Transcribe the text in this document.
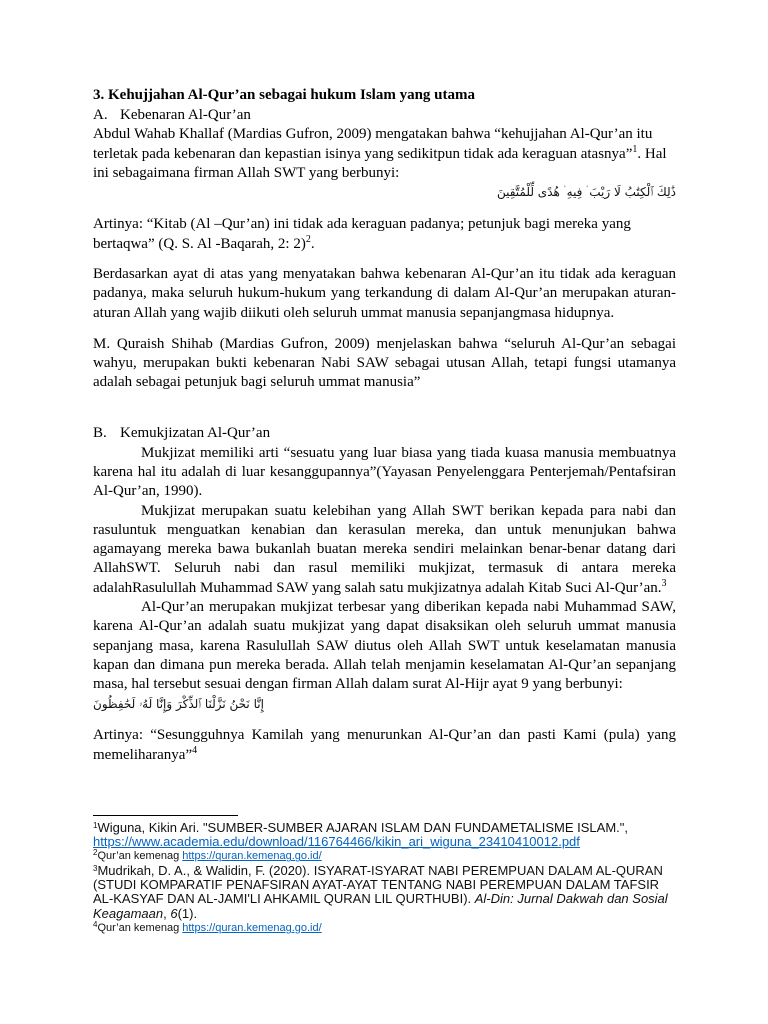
3. Kehujjahan Al-Qur’an sebagai hukum Islam yang utama
A. Kebenaran Al-Qur’an

Abdul Wahab Khallaf (Mardias Gufron, 2009) mengatakan bahwa “kehujjahan Al-Qur’an itu terletak pada kebenaran dan kepastian isinya yang sedikitpun tidak ada keraguan atasnya”$^1$. Hal ini sebagaimana firman Allah SWT yang berbunyi:

ذَٰلِكَ ٱلْكِتَٰبُ لَا رَيْبَ ۛ فِيهِ ۛ هُدًى لِّلْمُتَّقِينَ

Artinya: “Kitab (Al –Qur’an) ini tidak ada keraguan padanya; petunjuk bagi mereka yang bertaqwa” (Q. S. Al -Baqarah, 2: 2)$^2$.

Berdasarkan ayat di atas yang menyatakan bahwa kebenaran Al-Qur’an itu tidak ada keraguan padanya, maka seluruh hukum-hukum yang terkandung di dalam Al-Qur’an merupakan aturan-aturan Allah yang wajib diikuti oleh seluruh ummat manusia sepanjangmasa hidupnya.

M. Quraish Shihab (Mardias Gufron, 2009) menjelaskan bahwa “seluruh Al-Qur’an sebagai wahyu, merupakan bukti kebenaran Nabi SAW sebagai utusan Allah, tetapi fungsi utamanya adalah sebagai petunjuk bagi seluruh ummat manusia”

B. Kemukjizatan Al-Qur’an

Mukjizat memiliki arti “sesuatu yang luar biasa yang tiada kuasa manusia membuatnya karena hal itu adalah di luar kesanggupannya”(Yayasan Penyelenggara Penterjemah/Pentafsiran Al-Qur’an, 1990).

Mukjizat merupakan suatu kelebihan yang Allah SWT berikan kepada para nabi dan rasuluntuk menguatkan kenabian dan kerasulan mereka, dan untuk menunjukan bahwa agamayang mereka bawa bukanlah buatan mereka sendiri melainkan benar-benar datang dari AllahSWT. Seluruh nabi dan rasul memiliki mukjizat, termasuk di antara mereka adalahRasulullah Muhammad SAW yang salah satu mukjizatnya adalah Kitab Suci Al-Qur’an.$^3$

Al-Qur’an merupakan mukjizat terbesar yang diberikan kepada nabi Muhammad SAW, karena Al-Qur’an adalah suatu mukjizat yang dapat disaksikan oleh seluruh ummat manusia sepanjang masa, karena Rasulullah SAW diutus oleh Allah SWT untuk keselamatan manusia kapan dan dimana pun mereka berada. Allah telah menjamin keselamatan Al-Qur’an sepanjang masa, hal tersebut sesuai dengan firman Allah dalam surat Al-Hijr ayat 9 yang berbunyi:

إِنَّا نَحْنُ نَزَّلْنَا ٱلذِّكْرَ وَإِنَّا لَهُۥ لَحَٰفِظُونَ

Artinya: “Sesungguhnya Kamilah yang menurunkan Al-Qur’an dan pasti Kami (pula) yang memeliharanya”$^4$

$^1$Wiguna, Kikin Ari. "SUMBER-SUMBER AJARAN ISLAM DAN FUNDAMETALISME ISLAM.", https://www.academia.edu/download/116764466/kikin_ari_wiguna_23410410012.pdf
$^2$Qur’an kemenag https://quran.kemenag.go.id/
$^3$Mudrikah, D. A., & Walidin, F. (2020). ISYARAT-ISYARAT NABI PEREMPUAN DALAM AL-QURAN (STUDI KOMPARATIF PENAFSIRAN AYAT-AYAT TENTANG NABI PEREMPUAN DALAM TAFSIR AL-KASYAF DAN AL-JAMI'LI AHKAMIL QURAN LIL QURTHUBI). Al-Din: Jurnal Dakwah dan Sosial Keagamaan, 6(1).
$^4$Qur’an kemenag https://quran.kemenag.go.id/
